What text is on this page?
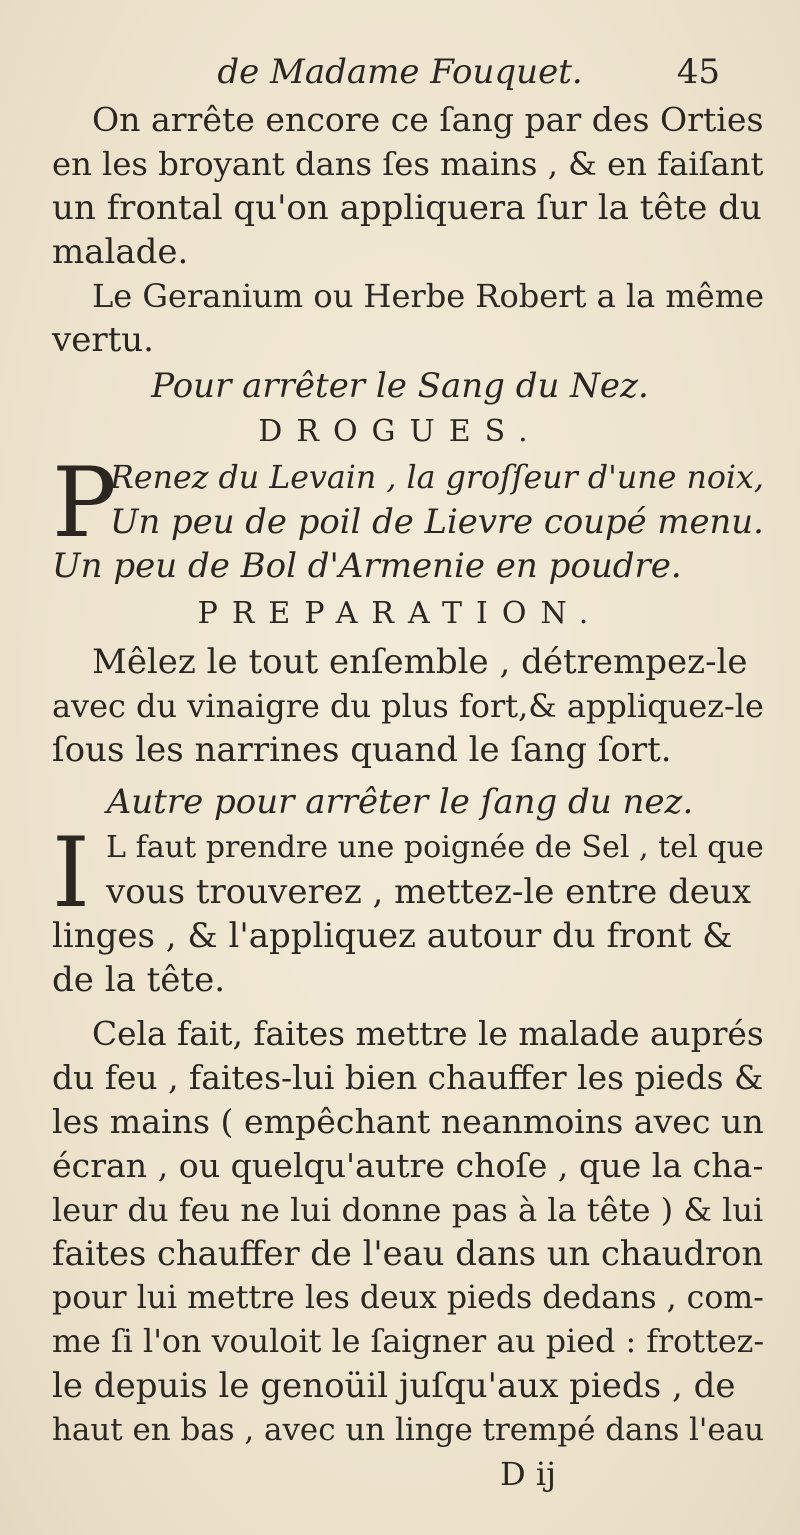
de Madame Fouquet.	45
On arrête encore ce ſang par des Orties
en les broyant dans ſes mains , & en faiſant
un frontal qu'on appliquera ſur la tête du
malade.
Le Geranium ou Herbe Robert a la même
vertu.
Pour arrêter le Sang du Nez.
DROGUES.
P
Renez du Levain , la groſſeur d'une noix,
Un peu de poil de Lievre coupé menu.
Un peu de Bol d'Armenie en poudre.
PREPARATION.
Mêlez le tout enſemble , détrempez-le
avec du vinaigre du plus fort,& appliquez-le
ſous les narrines quand le ſang ſort.
Autre pour arrêter le ſang du nez.
I L faut prendre une poignée de Sel , tel que
vous trouverez , mettez-le entre deux
linges , & l'appliquez autour du front &
de la tête.
Cela fait, faites mettre le malade auprés
du feu , faites-lui bien chauffer les pieds &
les mains ( empêchant neanmoins avec un
écran , ou quelqu'autre choſe , que la cha-
leur du feu ne lui donne pas à la tête ) & lui
faites chauffer de l'eau dans un chaudron
pour lui mettre les deux pieds dedans , com-
me ſi l'on vouloit le ſaigner au pied : frottez-
le depuis le genoüil juſqu'aux pieds , de
haut en bas , avec un linge trempé dans l'eau
D ij
